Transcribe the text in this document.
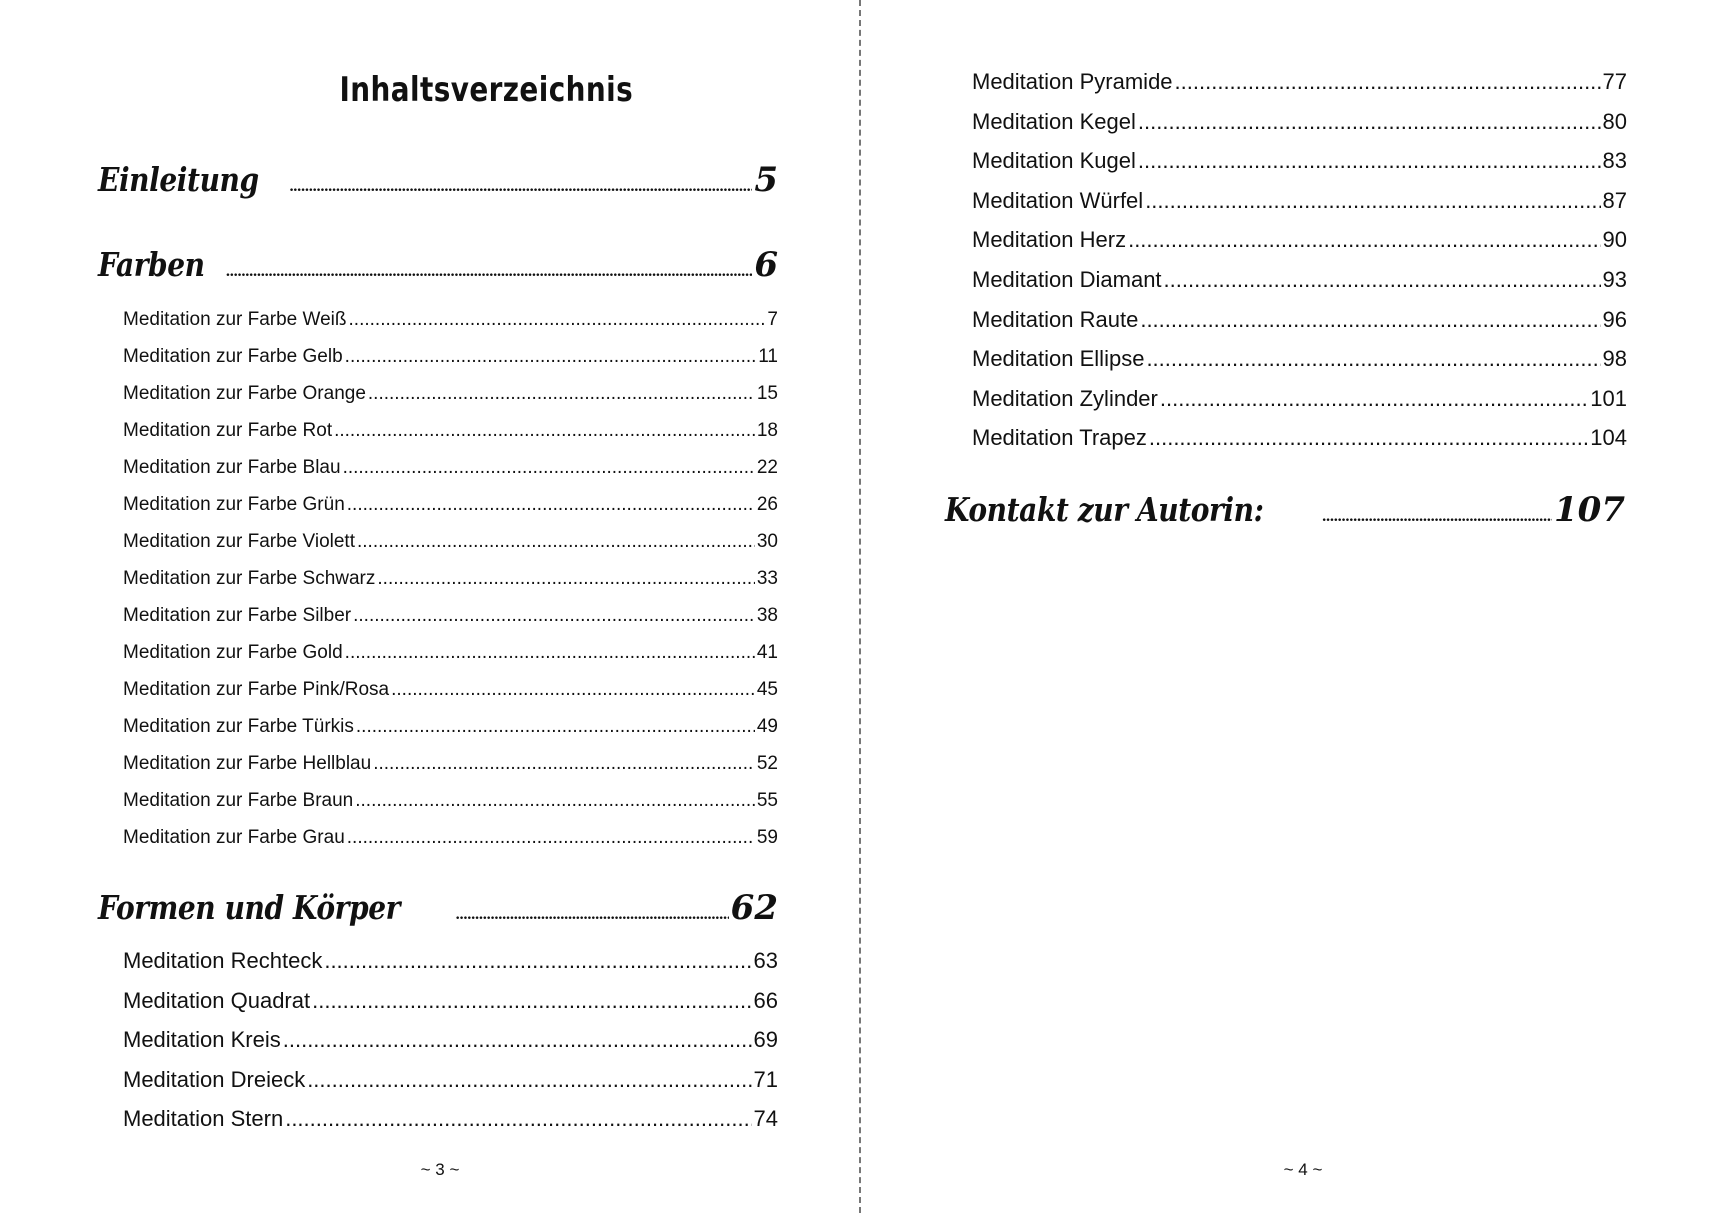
Inhaltsverzeichnis
Einleitung .....	5
Farben .....	6
Meditation zur Farbe Weiß .....	7
Meditation zur Farbe Gelb .....	11
Meditation zur Farbe Orange .....	15
Meditation zur Farbe Rot .....	18
Meditation zur Farbe Blau .....	22
Meditation zur Farbe Grün .....	26
Meditation zur Farbe Violett .....	30
Meditation zur Farbe Schwarz .....	33
Meditation zur Farbe Silber .....	38
Meditation zur Farbe Gold .....	41
Meditation zur Farbe Pink/Rosa .....	45
Meditation zur Farbe Türkis .....	49
Meditation zur Farbe Hellblau .....	52
Meditation zur Farbe Braun .....	55
Meditation zur Farbe Grau .....	59
Formen und Körper .....	62
Meditation Rechteck .....	63
Meditation Quadrat .....	66
Meditation Kreis .....	69
Meditation Dreieck .....	71
Meditation Stern .....	74
~ 3 ~
Meditation Pyramide .....	77
Meditation Kegel .....	80
Meditation Kugel .....	83
Meditation Würfel .....	87
Meditation Herz .....	90
Meditation Diamant .....	93
Meditation Raute .....	96
Meditation Ellipse .....	98
Meditation Zylinder .....	101
Meditation Trapez .....	104
Kontakt zur Autorin: .....	107
~ 4 ~
